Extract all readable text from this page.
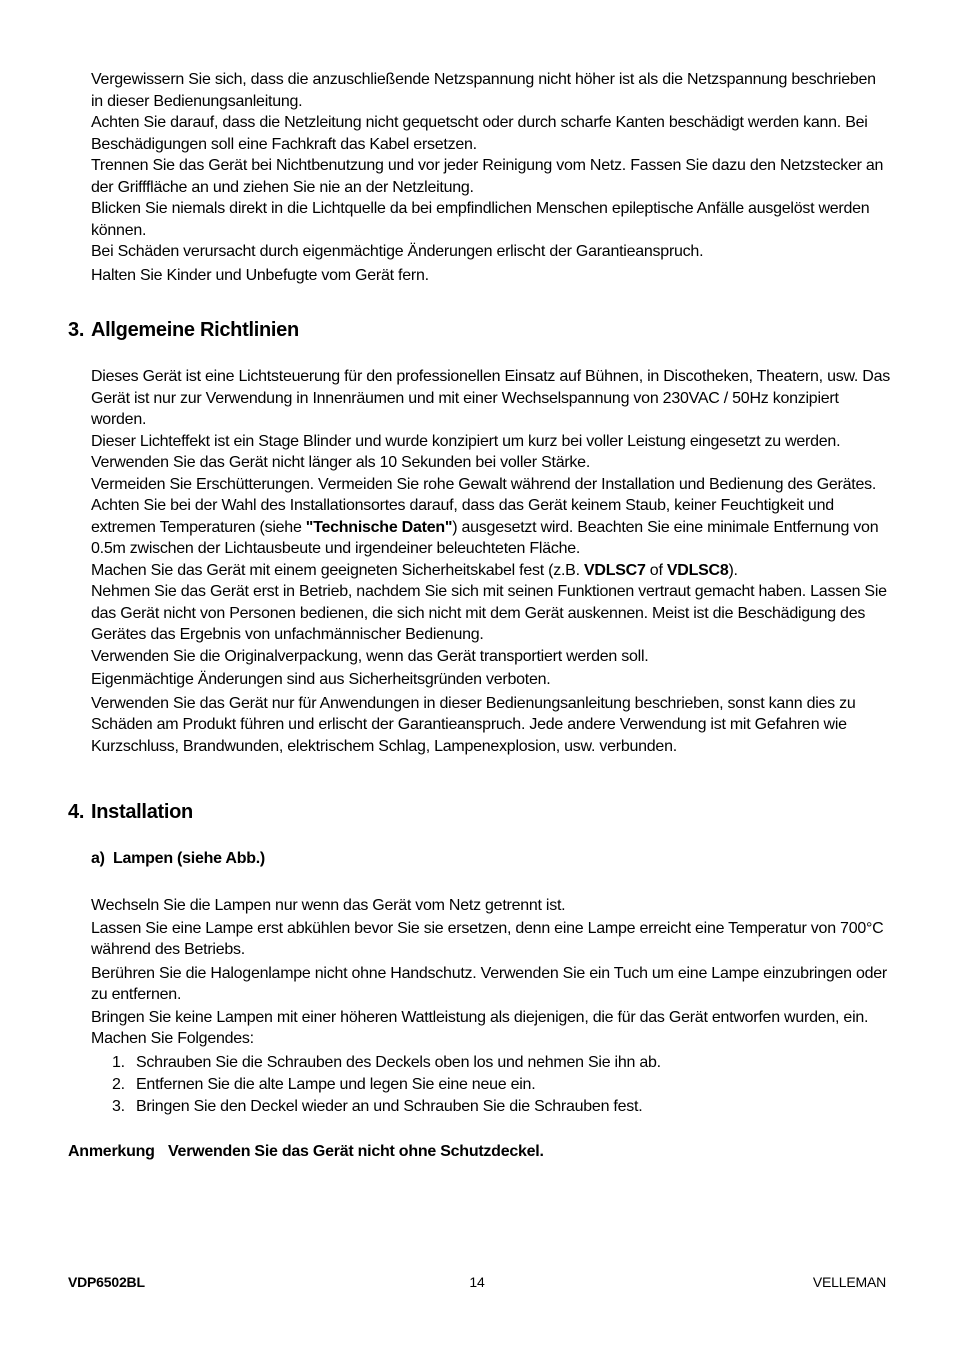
Vergewissern Sie sich, dass die anzuschließende Netzspannung nicht höher ist als die Netzspannung beschrieben in dieser Bedienungsanleitung.

Achten Sie darauf, dass die Netzleitung nicht gequetscht oder durch scharfe Kanten beschädigt werden kann. Bei Beschädigungen soll eine Fachkraft das Kabel ersetzen.

Trennen Sie das Gerät bei Nichtbenutzung und vor jeder Reinigung vom Netz. Fassen Sie dazu den Netzstecker an der Grifffläche an und ziehen Sie nie an der Netzleitung.

Blicken Sie niemals direkt in die Lichtquelle da bei empfindlichen Menschen epileptische Anfälle ausgelöst werden können.

Bei Schäden verursacht durch eigenmächtige Änderungen erlischt der Garantieanspruch.

Halten Sie Kinder und Unbefugte vom Gerät fern.

3. Allgemeine Richtlinien

Dieses Gerät ist eine Lichtsteuerung für den professionellen Einsatz auf Bühnen, in Discotheken, Theatern, usw. Das Gerät ist nur zur Verwendung in Innenräumen und mit einer Wechselspannung von 230VAC / 50Hz konzipiert worden.

Dieser Lichteffekt ist ein Stage Blinder und wurde konzipiert um kurz bei voller Leistung eingesetzt zu werden. Verwenden Sie das Gerät nicht länger als 10 Sekunden bei voller Stärke.

Vermeiden Sie Erschütterungen. Vermeiden Sie rohe Gewalt während der Installation und Bedienung des Gerätes.

Achten Sie bei der Wahl des Installationsortes darauf, dass das Gerät keinem Staub, keiner Feuchtigkeit und extremen Temperaturen (siehe "Technische Daten") ausgesetzt wird. Beachten Sie eine minimale Entfernung von 0.5m zwischen der Lichtausbeute und irgendeiner beleuchteten Fläche.

Machen Sie das Gerät mit einem geeigneten Sicherheitskabel fest (z.B. VDLSC7 of VDLSC8).

Nehmen Sie das Gerät erst in Betrieb, nachdem Sie sich mit seinen Funktionen vertraut gemacht haben. Lassen Sie das Gerät nicht von Personen bedienen, die sich nicht mit dem Gerät auskennen. Meist ist die Beschädigung des Gerätes das Ergebnis von unfachmännischer Bedienung.

Verwenden Sie die Originalverpackung, wenn das Gerät transportiert werden soll.

Eigenmächtige Änderungen sind aus Sicherheitsgründen verboten.

Verwenden Sie das Gerät nur für Anwendungen in dieser Bedienungsanleitung beschrieben, sonst kann dies zu Schäden am Produkt führen und erlischt der Garantieanspruch. Jede andere Verwendung ist mit Gefahren wie Kurzschluss, Brandwunden, elektrischem Schlag, Lampenexplosion, usw. verbunden.

4. Installation
a) Lampen (siehe Abb.)

Wechseln Sie die Lampen nur wenn das Gerät vom Netz getrennt ist.

Lassen Sie eine Lampe erst abkühlen bevor Sie sie ersetzen, denn eine Lampe erreicht eine Temperatur von 700°C während des Betriebs.

Berühren Sie die Halogenlampe nicht ohne Handschutz. Verwenden Sie ein Tuch um eine Lampe einzubringen oder zu entfernen.

Bringen Sie keine Lampen mit einer höheren Wattleistung als diejenigen, die für das Gerät entworfen wurden, ein. Machen Sie Folgendes:

1. Schrauben Sie die Schrauben des Deckels oben los und nehmen Sie ihn ab.
2. Entfernen Sie die alte Lampe und legen Sie eine neue ein.
3. Bringen Sie den Deckel wieder an und Schrauben Sie die Schrauben fest.
Anmerkung Verwenden Sie das Gerät nicht ohne Schutzdeckel.
VDP6502BL	14	VELLEMAN
